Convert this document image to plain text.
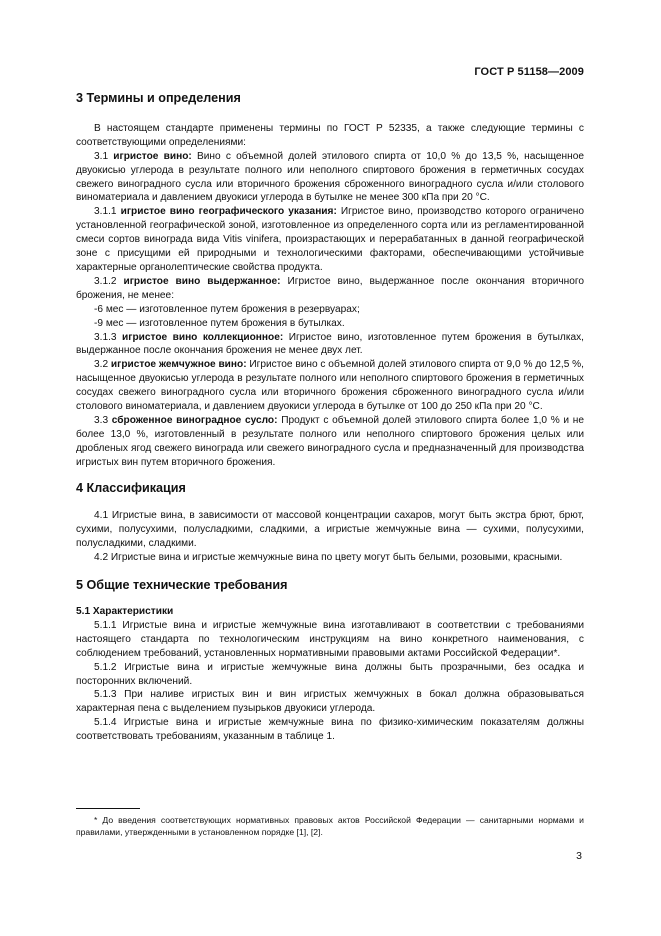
ГОСТ Р 51158—2009
3 Термины и определения

В настоящем стандарте применены термины по ГОСТ Р 52335, а также следующие термины с соответствующими определениями:

3.1 игристое вино: Вино с объемной долей этилового спирта от 10,0 % до 13,5 %, насыщенное двуокисью углерода в результате полного или неполного спиртового брожения в герметичных сосудах свежего виноградного сусла или вторичного брожения сброженного виноградного сусла и/или столового виноматериала и давлением двуокиси углерода в бутылке не менее 300 кПа при 20 °С.

3.1.1 игристое вино географического указания: Игристое вино, производство которого ограничено установленной географической зоной, изготовленное из определенного сорта или из регламентированной смеси сортов винограда вида Vitis vinifera, произрастающих и перерабатанных в данной географической зоне с присущими ей природными и технологическими факторами, обеспечивающими устойчивые характерные органолептические свойства продукта.

3.1.2 игристое вино выдержанное: Игристое вино, выдержанное после окончания вторичного брожения, не менее:

-6 мес — изготовленное путем брожения в резервуарах;

-9 мес — изготовленное путем брожения в бутылках.

3.1.3 игристое вино коллекционное: Игристое вино, изготовленное путем брожения в бутылках, выдержанное после окончания брожения не менее двух лет.

3.2 игристое жемчужное вино: Игристое вино с объемной долей этилового спирта от 9,0 % до 12,5 %, насыщенное двуокисью углерода в результате полного или неполного спиртового брожения в герметичных сосудах свежего виноградного сусла или вторичного брожения сброженного виноградного сусла и/или столового виноматериала, и давлением двуокиси углерода в бутылке от 100 до 250 кПа при 20 °С.

3.3 сброженное виноградное сусло: Продукт с объемной долей этилового спирта более 1,0 % и не более 13,0 %, изготовленный в результате полного или неполного спиртового брожения целых или дробленых ягод свежего винограда или свежего виноградного сусла и предназначенный для производства игристых вин путем вторичного брожения.

4 Классификация

4.1 Игристые вина, в зависимости от массовой концентрации сахаров, могут быть экстра брют, брют, сухими, полусухими, полусладкими, сладкими, а игристые жемчужные вина — сухими, полусухими, полусладкими, сладкими.

4.2 Игристые вина и игристые жемчужные вина по цвету могут быть белыми, розовыми, красными.

5 Общие технические требования
5.1 Характеристики

5.1.1 Игристые вина и игристые жемчужные вина изготавливают в соответствии с требованиями настоящего стандарта по технологическим инструкциям на вино конкретного наименования, с соблюдением требований, установленных нормативными правовыми актами Российской Федерации*.

5.1.2 Игристые вина и игристые жемчужные вина должны быть прозрачными, без осадка и посторонних включений.

5.1.3 При наливе игристых вин и вин игристых жемчужных в бокал должна образовываться характерная пена с выделением пузырьков двуокиси углерода.

5.1.4 Игристые вина и игристые жемчужные вина по физико-химическим показателям должны соответствовать требованиям, указанным в таблице 1.

* До введения соответствующих нормативных правовых актов Российской Федерации — санитарными нормами и правилами, утвержденными в установленном порядке [1], [2].

3
